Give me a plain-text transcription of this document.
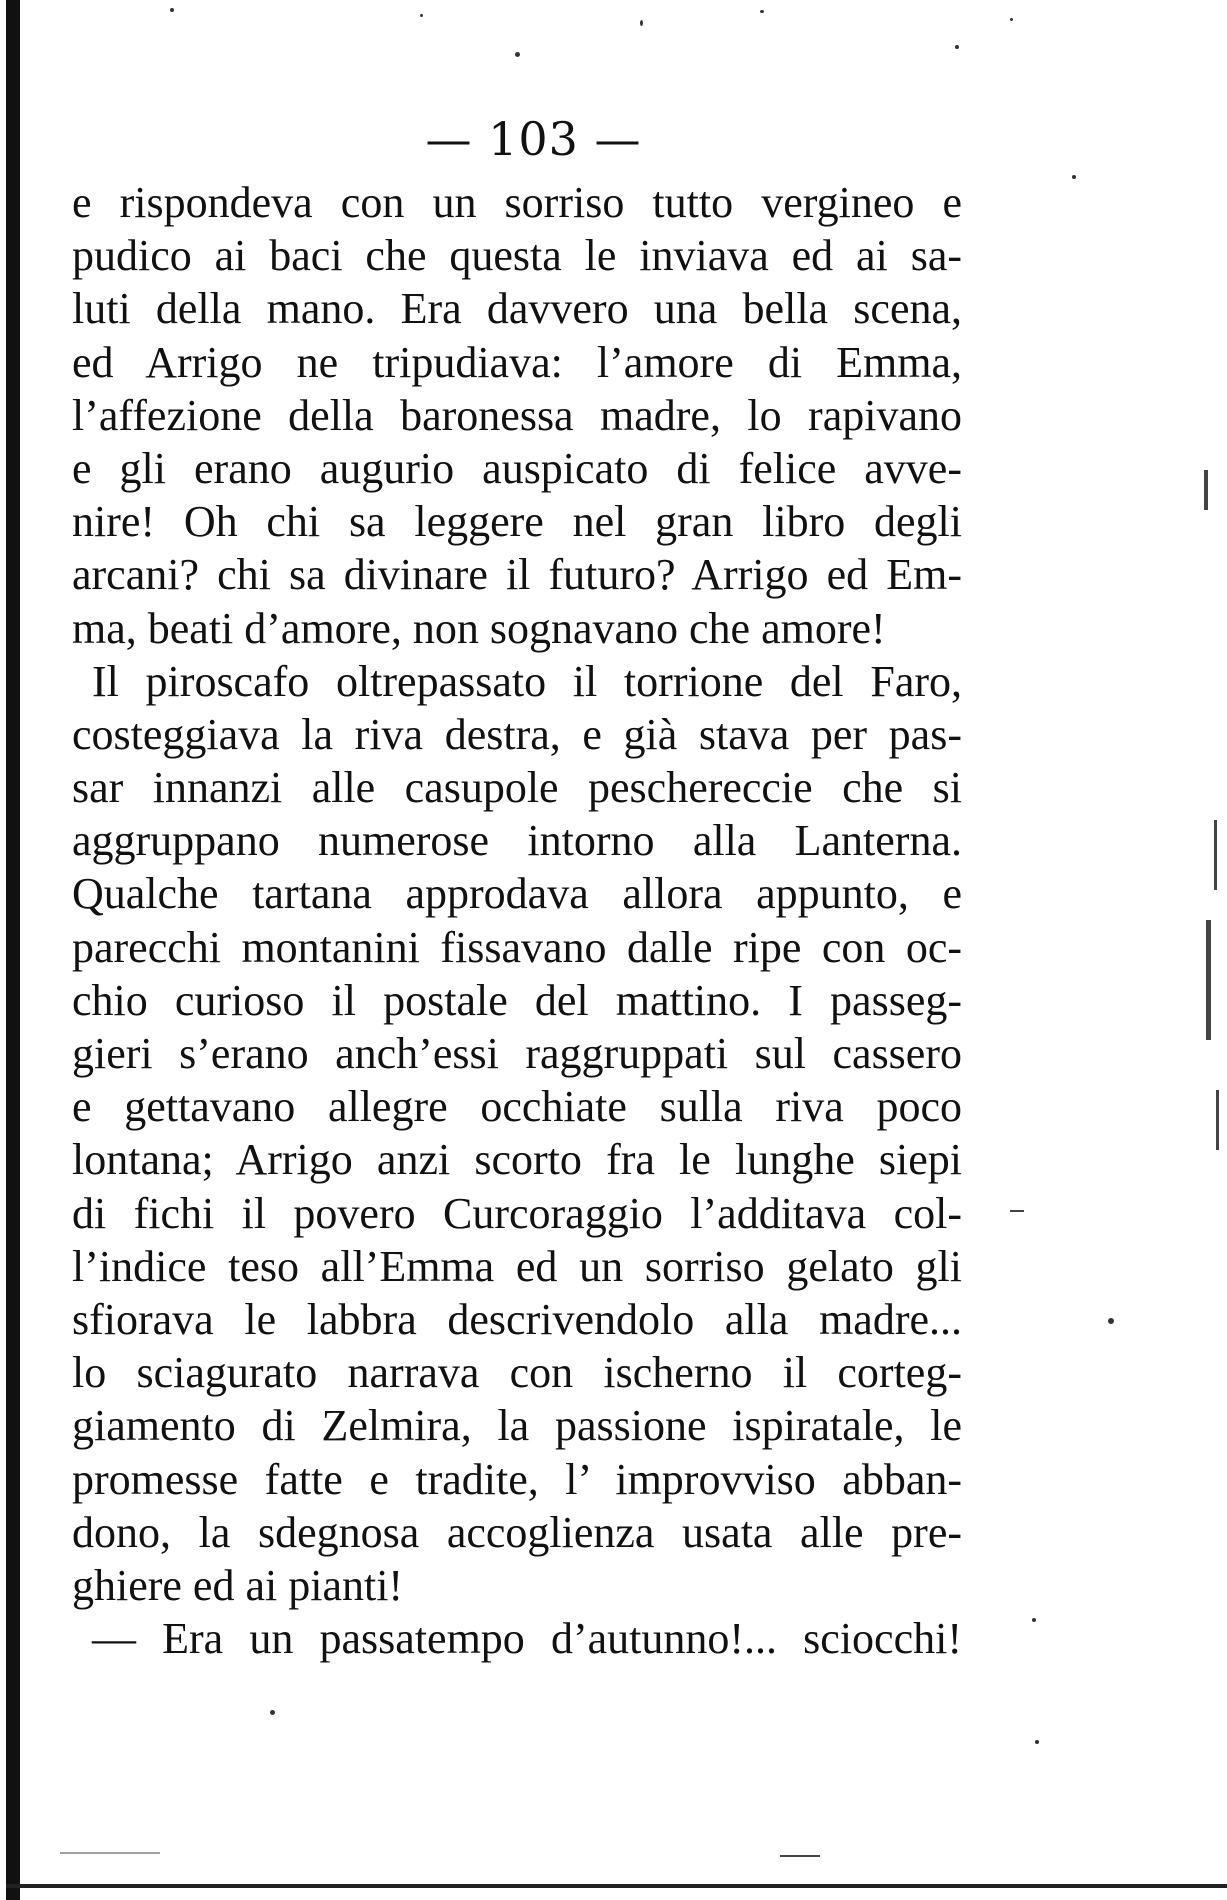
— 103 —
e rispondeva con un sorriso tutto vergineo e
pudico ai baci che questa le inviava ed ai sa-
luti della mano. Era davvero una bella scena,
ed Arrigo ne tripudiava: l’amore di Emma,
l’affezione della baronessa madre, lo rapivano
e gli erano augurio auspicato di felice avve-
nire! Oh chi sa leggere nel gran libro degli
arcani? chi sa divinare il futuro? Arrigo ed Em-
ma, beati d’amore, non sognavano che amore!
Il piroscafo oltrepassato il torrione del Faro,
costeggiava la riva destra, e già stava per pas-
sar innanzi alle casupole peschereccie che si
aggruppano numerose intorno alla Lanterna.
Qualche tartana approdava allora appunto, e
parecchi montanini fissavano dalle ripe con oc-
chio curioso il postale del mattino. I passeg-
gieri s’erano anch’essi raggruppati sul cassero
e gettavano allegre occhiate sulla riva poco
lontana; Arrigo anzi scorto fra le lunghe siepi
di fichi il povero Curcoraggio l’additava col-
l’indice teso all’Emma ed un sorriso gelato gli
sfiorava le labbra descrivendolo alla madre...
lo sciagurato narrava con ischerno il corteg-
giamento di Zelmira, la passione ispiratale, le
promesse fatte e tradite, l’ improvviso abban-
dono, la sdegnosa accoglienza usata alle pre-
ghiere ed ai pianti!
— Era un passatempo d’autunno!... sciocchi!
